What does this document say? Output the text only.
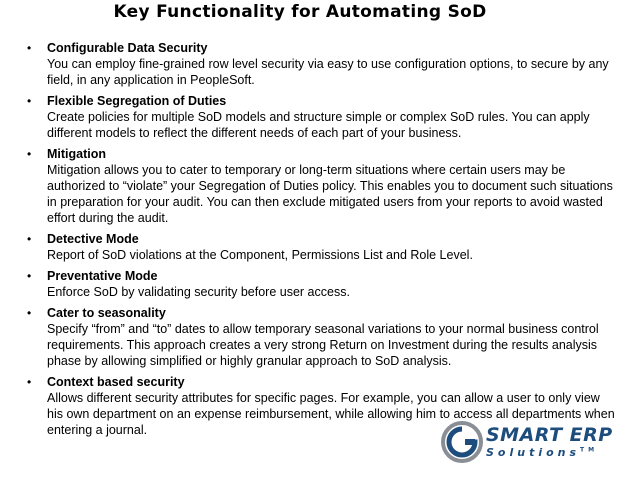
Key Functionality for Automating SoD
• Configurable Data Security
You can employ fine-grained row level security via easy to use configuration options, to secure by any field, in any application in PeopleSoft.
• Flexible Segregation of Duties
Create policies for multiple SoD models and structure simple or complex SoD rules. You can apply different models to reflect the different needs of each part of your business.
• Mitigation
Mitigation allows you to cater to temporary or long-term situations where certain users may be authorized to “violate” your Segregation of Duties policy. This enables you to document such situations in preparation for your audit. You can then exclude mitigated users from your reports to avoid wasted effort during the audit.
• Detective Mode
Report of SoD violations at the Component, Permissions List and Role Level.
• Preventative Mode
Enforce SoD by validating security before user access.
• Cater to seasonality
Specify “from” and “to” dates to allow temporary seasonal variations to your normal business control requirements. This approach creates a very strong Return on Investment during the results analysis phase by allowing simplified or highly granular approach to SoD analysis.
• Context based security
Allows different security attributes for specific pages. For example, you can allow a user to only view his own department on an expense reimbursement, while allowing him to access all departments when entering a journal.	SMART ERP
Solutions™
